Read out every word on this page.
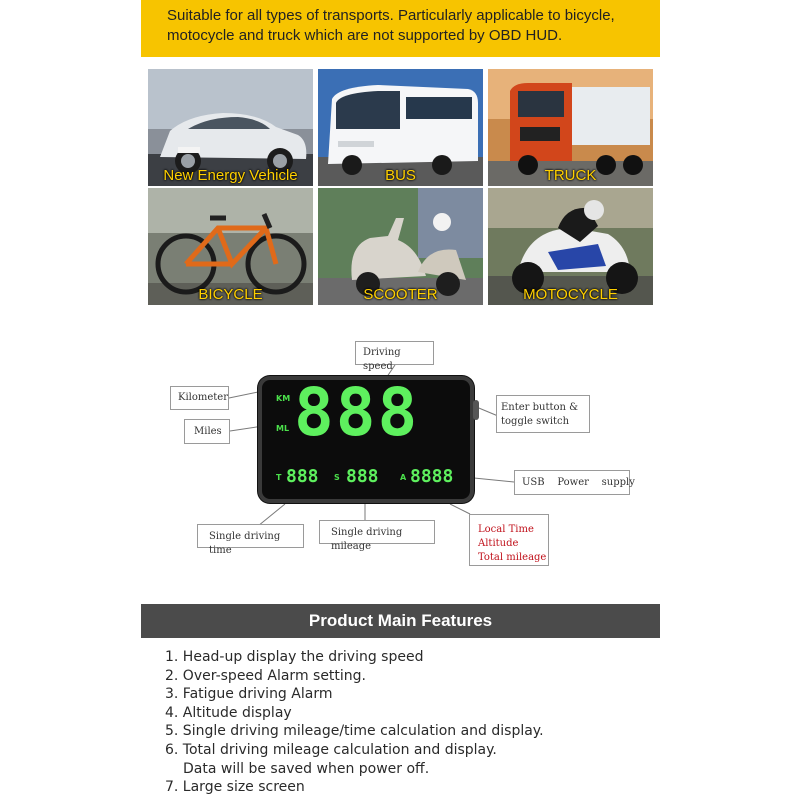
Suitable for all types of transports. Particularly applicable to bicycle,
motocycle and truck which are not supported by OBD HUD.
New Energy Vehicle	BUS	TRUCK
BICYCLE	SCOOTER	MOTOCYCLE
Driving speed
Kilometer
Miles
Enter button &
toggle switch
USB    Power    supply
Single driving time
Single driving mileage
Local Time
Altitude
Total mileage
KM
ML 888
T 888 S 888	A 8888
Product Main Features
1. Head-up display the driving speed
2. Over-speed Alarm setting.
3. Fatigue driving Alarm
4. Altitude display
5. Single driving mileage/time calculation and display.
6. Total driving mileage calculation and display.
Data will be saved when power off.
7. Large size screen
